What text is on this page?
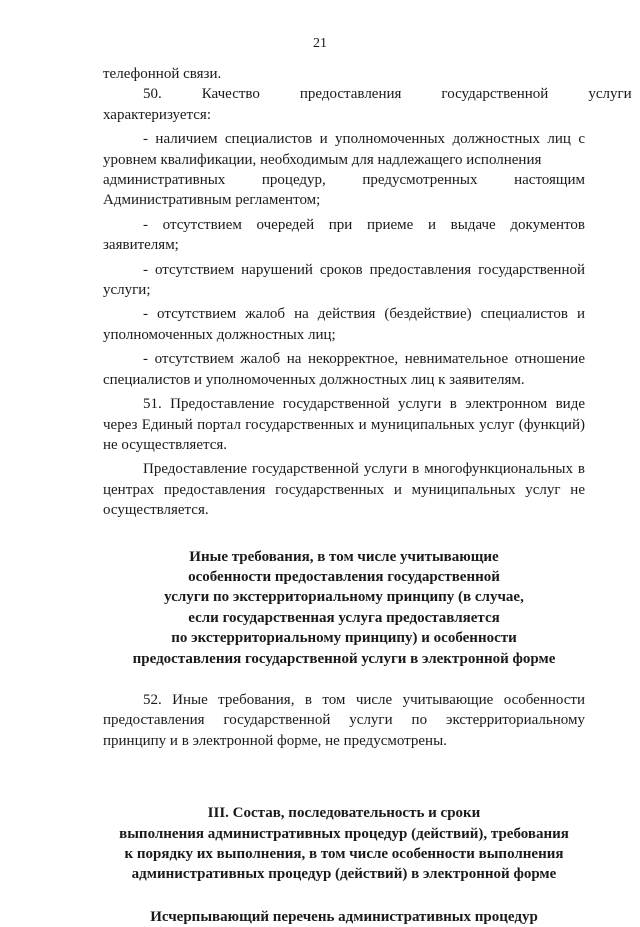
21

телефонной связи.

50.	Качество	предоставления	государственной	услуги

характеризуется:

- наличием специалистов и уполномоченных должностных лиц с уровнем квалификации, необходимым для надлежащего исполнения

административных процедур, предусмотренных настоящим

Административным регламентом;

- отсутствием очередей при приеме и выдаче документов заявителям;

- отсутствием нарушений сроков предоставления государственной услуги;

- отсутствием жалоб на действия (бездействие) специалистов и уполномоченных должностных лиц;

- отсутствием жалоб на некорректное, невнимательное отношение специалистов и уполномоченных должностных лиц к заявителям.

51. Предоставление государственной услуги в электронном виде через Единый портал государственных и муниципальных услуг (функций) не осуществляется.

Предоставление государственной услуги в многофункциональных в центрах предоставления государственных и муниципальных услуг не осуществляется.

Иные требования, в том числе учитывающие
особенности предоставления государственной
услуги по экстерриториальному принципу (в случае,
если государственная услуга предоставляется
по экстерриториальному принципу) и особенности
предоставления государственной услуги в электронной форме

52. Иные требования, в том числе учитывающие особенности предоставления государственной услуги по экстерриториальному принципу и в электронной форме, не предусмотрены.

III. Состав, последовательность и сроки
выполнения административных процедур (действий), требования
к порядку их выполнения, в том числе особенности выполнения
административных процедур (действий) в электронной форме
Исчерпывающий перечень административных процедур
